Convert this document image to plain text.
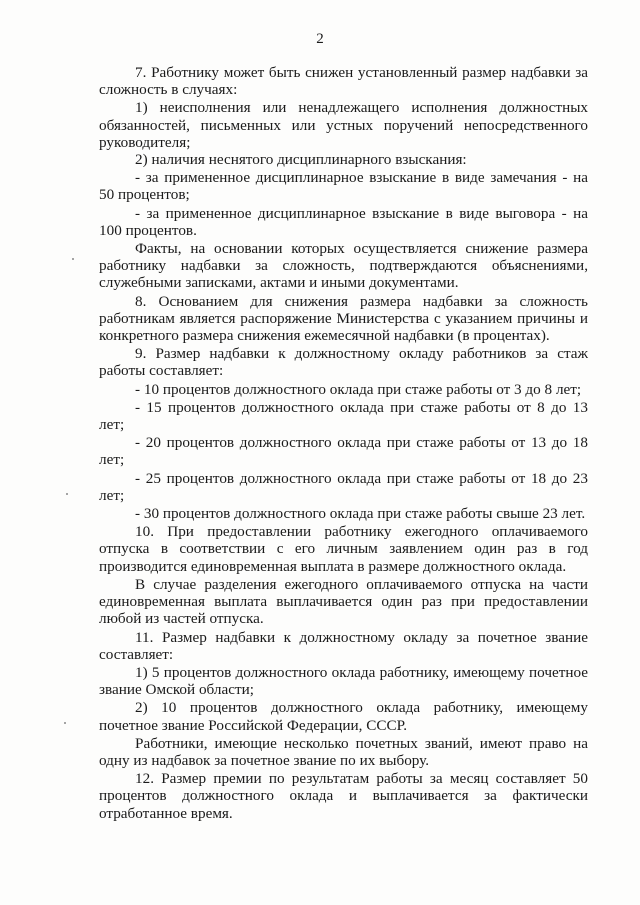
2

7. Работнику может быть снижен установленный размер надбавки за сложность в случаях:

1) неисполнения или ненадлежащего исполнения должностных обязанностей, письменных или устных поручений непосредственного руководителя;

2) наличия неснятого дисциплинарного взыскания:

- за примененное дисциплинарное взыскание в виде замечания - на 50 процентов;

- за примененное дисциплинарное взыскание в виде выговора - на 100 процентов.

Факты, на основании которых осуществляется снижение размера работнику надбавки за сложность, подтверждаются объяснениями, служебными записками, актами и иными документами.

8. Основанием для снижения размера надбавки за сложность работникам является распоряжение Министерства с указанием причины и конкретного размера снижения ежемесячной надбавки (в процентах).

9. Размер надбавки к должностному окладу работников за стаж работы составляет:

- 10 процентов должностного оклада при стаже работы от 3 до 8 лет;

- 15 процентов должностного оклада при стаже работы от 8 до 13 лет;

- 20 процентов должностного оклада при стаже работы от 13 до 18 лет;

- 25 процентов должностного оклада при стаже работы от 18 до 23 лет;

- 30 процентов должностного оклада при стаже работы свыше 23 лет.

10. При предоставлении работнику ежегодного оплачиваемого отпуска в соответствии с его личным заявлением один раз в год производится единовременная выплата в размере должностного оклада.

В случае разделения ежегодного оплачиваемого отпуска на части единовременная выплата выплачивается один раз при предоставлении любой из частей отпуска.

11. Размер надбавки к должностному окладу за почетное звание составляет:

1) 5 процентов должностного оклада работнику, имеющему почетное звание Омской области;

2) 10 процентов должностного оклада работнику, имеющему почетное звание Российской Федерации, СССР.

Работники, имеющие несколько почетных званий, имеют право на одну из надбавок за почетное звание по их выбору.

12. Размер премии по результатам работы за месяц составляет 50 процентов должностного оклада и выплачивается за фактически отработанное время.
